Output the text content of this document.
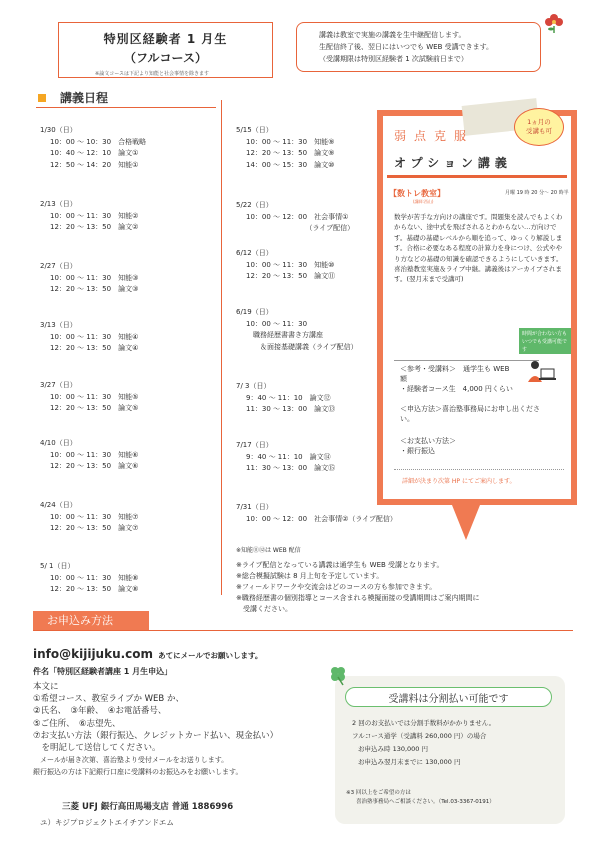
特別区経験者 1 月生
（フルコース）
※論文コースは下記より知能と社会事情を除きます
講義は教室で実施の講義を生中継配信します。
生配信終了後、翌日にはいつでも WEB 受講できます。
（受講期限は特別区経験者 1 次試験前日まで）
講義日程
1/30（日）
10：00 ～ 10：30　合格戦略
10：40 ～ 12：10　論文①
12：50 ～ 14：20　知能①
2/13（日）
10：00 ～ 11：30　知能②
12：20 ～ 13：50　論文②
2/27（日）
10：00 ～ 11：30　知能③
12：20 ～ 13：50　論文③
3/13（日）
10：00 ～ 11：30　知能④
12：20 ～ 13：50　論文④
3/27（日）
10：00 ～ 11：30　知能⑤
12：20 ～ 13：50　論文⑤
4/10（日）
10：00 ～ 11：30　知能⑥
12：20 ～ 13：50　論文⑥
4/24（日）
10：00 ～ 11：30　知能⑦
12：20 ～ 13：50　論文⑦
5/ 1（日）
10：00 ～ 11：30　知能⑧
12：20 ～ 13：50　論文⑧
5/15（日）
10：00 ～ 11：30　知能⑨
12：20 ～ 13：50　論文⑨
14：00 ～ 15：30　論文⑩
5/22（日）
10：00 ～ 12：00　社会事情①
　　　　　　　　　（ライブ配信）
6/12（日）
10：00 ～ 11：30　知能⑩
12：20 ～ 13：50　論文⑪
6/19（日）
10：00 ～ 11：30
　職務経歴書書き方講座
　　＆面接基礎講義（ライブ配信）
7/ 3（日）
9：40 ～ 11：10　論文⑫
11：30 ～ 13：00　論文⑬
7/17（日）
9：40 ～ 11：10　論文⑭
11：30 ～ 13：00　論文⑮
7/31（日）
10：00 ～ 12：00　社会事情②（ライブ配信）
1ヵ月の
受講も可
弱点克服
オプション講義
【数トレ教室】
(講師:西山)
月曜 19 時 20 分～ 20 時半
数学が苦手な方向けの講座です。問題集を読んでもよくわからない、途中式を飛ばされるとわからない…方向けです。基礎の基礎レベルから順を追って、ゆっくり解説します。合格に必要なある程度の計算力を身につけ、公式ややり方などの基礎の知識を確認できるようにしていきます。喜治塾教室実施＆ライブ中継。講義後はアーカイブされます。(翌月末まで受講可)
時間が合わない方もいつでも受講可能です
＜参考・受講料＞　通学生も WEB
額
・経験者コース生　4,000 円くらい
＜申込方法＞喜治塾事務局にお申し出ください。
＜お支払い方法＞
・銀行振込
詳細が決まり次第 HP にてご案内します。
※知能⑪⑫は WEB 配信
※ライブ配信となっている講義は通学生も WEB 受講となります。
※総合模擬試験は 8 月上旬を予定しています。
※フィールドワークや交流会はどのコースの方も参加できます。
※職務経歴書の個別指導とコース含まれる模擬面接の受講期間はご案内期間に
　受講ください。
お申込み方法
info@kijijuku.com あてにメールでお願いします。
件名「特別区経験者講座 1 月生申込」
本文に
①希望コース、教室ライブか WEB か、
②氏名、　③年齢、　④お電話番号、
⑤ご住所、　⑥志望先、
⑦お支払い方法（銀行振込、クレジットカード払い、現金払い）
　を明記して送信してください。
　メールが届き次第、喜治塾より受付メールをお送りします。
銀行振込の方は下記銀行口座に受講料のお振込みをお願いします。
三菱 UFJ 銀行高田馬場支店 普通 1886996
ユ）キジプロジェクトエイチアンドエム
受講料は分割払い可能です
2 回のお支払いでは分割手数料がかかりません。
フルコース通学（受講料 260,000 円）の場合
お申込み時 130,000 円
お申込み翌月末までに 130,000 円
※3 回以上をご希望の方は
喜治塾事務局へご相談ください。（Tel.03-3367-0191）
